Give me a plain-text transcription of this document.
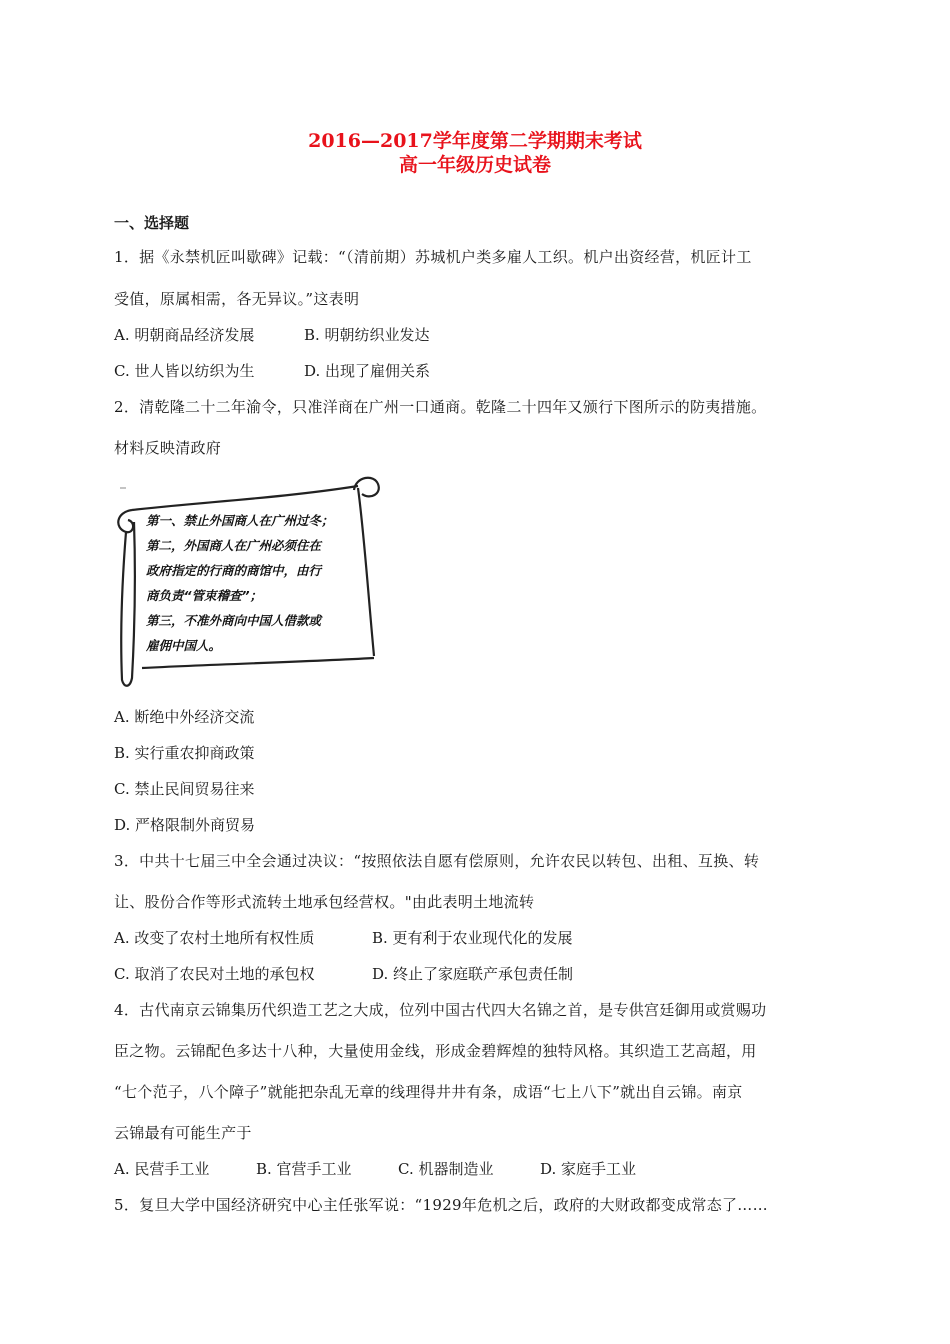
2016—2017学年度第二学期期末考试
高一年级历史试卷
一、选择题
1．据《永禁机匠叫歇碑》记载：“（清前期）苏城机户类多雇人工织。机户出资经营，机匠计工
受值，原属相需，各无异议。”这表明
A. 明朝商品经济发展	B. 明朝纺织业发达
C. 世人皆以纺织为生	D. 出现了雇佣关系
2．清乾隆二十二年渝令，只准洋商在广州一口通商。乾隆二十四年又颁行下图所示的防夷措施。
材料反映清政府
第一、禁止外国商人在广州过冬；
第二，外国商人在广州必须住在
政府指定的行商的商馆中，由行
商负责“管束稽查”；
第三，不准外商向中国人借款或
雇佣中国人。
A. 断绝中外经济交流
B. 实行重农抑商政策
C. 禁止民间贸易往来
D. 严格限制外商贸易
3．中共十七届三中全会通过决议：“按照依法自愿有偿原则，允许农民以转包、出租、互换、转
让、股份合作等形式流转土地承包经营权。"由此表明土地流转
A. 改变了农村土地所有权性质	B. 更有利于农业现代化的发展
C. 取消了农民对土地的承包权	D. 终止了家庭联产承包责任制
4．古代南京云锦集历代织造工艺之大成，位列中国古代四大名锦之首，是专供宫廷御用或赏赐功
臣之物。云锦配色多达十八种，大量使用金线，形成金碧辉煌的独特风格。其织造工艺高超，用
“七个范子，八个障子”就能把杂乱无章的线理得井井有条，成语“七上八下”就出自云锦。南京
云锦最有可能生产于
A. 民营手工业	B. 官营手工业	C. 机器制造业	D. 家庭手工业
5．复旦大学中国经济研究中心主任张军说：“1929年危机之后，政府的大财政都变成常态了……
